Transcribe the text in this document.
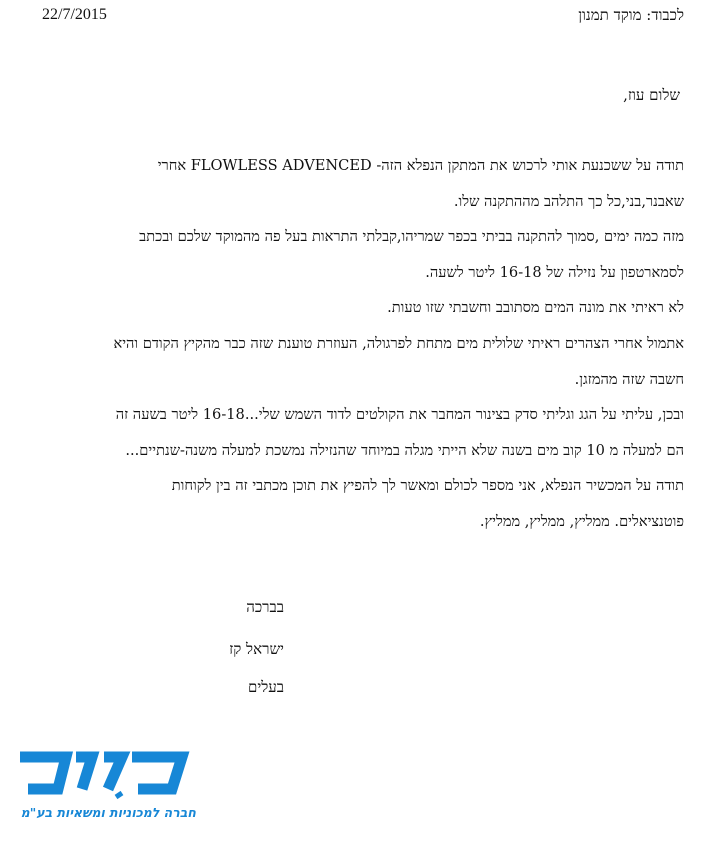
22/7/2015	לכבוד: מוקד תמנון
שלום עוז,
תודה על ששכנעת אותי לרכוש את המתקן הנפלא הזה- FLOWLESS ADVENCED אחרי
שאבנר,בני,כל כך התלהב מההתקנה שלו.
מזה כמה ימים ,סמוך להתקנה בביתי בכפר שמריהו,קבלתי התראות בעל פה מהמוקד שלכם ובכתב
לסמארטפון על נזילה של 16-18 ליטר לשעה.
לא ראיתי את מונה המים מסתובב וחשבתי שזו טעות.
אתמול אחרי הצהרים ראיתי שלולית מים מתחת לפרגולה, העוזרת טוענת שזה כבר מהקיץ הקודם והיא
חשבה שזה מהמזגן.
ובכן, עליתי על הגג וגליתי סדק בצינור המחבר את הקולטים לדוד השמש שלי...16-18 ליטר בשעה זה
הם למעלה מ 10 קוב מים בשנה שלא הייתי מגלה במיוחד שהנזילה נמשכת למעלה משנה-שנתיים...
תודה על המכשיר הנפלא, אני מספר לכולם ומאשר לך להפיץ את תוכן מכתבי זה בין לקוחות
פוטנציאלים. ממליץ, ממליץ, ממליץ.
בברכה
ישראל קז
בעלים
חברה למכוניות ומשאיות בע"מ
